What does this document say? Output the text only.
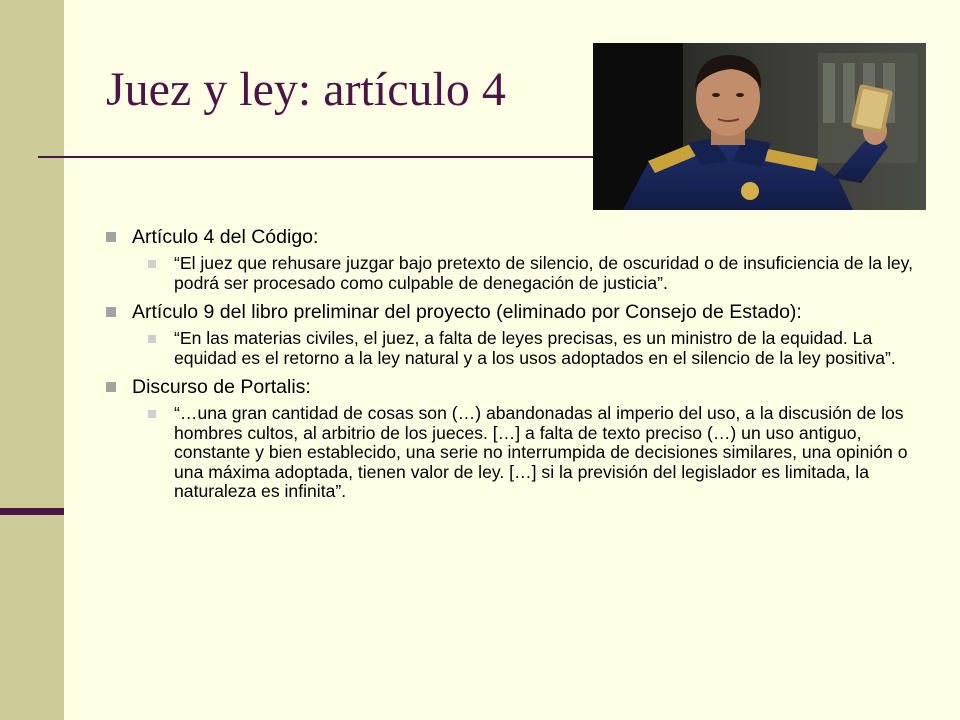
Juez y ley: artículo 4
Artículo 4 del Código:
“El juez que rehusare juzgar bajo pretexto de silencio, de oscuridad o de insuficiencia de la ley, podrá ser procesado como culpable de denegación de justicia”.
Artículo 9 del libro preliminar del proyecto (eliminado por Consejo de Estado):
“En las materias civiles, el juez, a falta de leyes precisas, es un ministro de la equidad. La equidad es el retorno a la ley natural y a los usos adoptados en el silencio de la ley positiva”.
Discurso de Portalis:
“…una gran cantidad de cosas son (…) abandonadas al imperio del uso, a la discusión de los hombres cultos, al arbitrio de los jueces. […] a falta de texto preciso (…) un uso antiguo, constante y bien establecido, una serie no interrumpida de decisiones similares, una opinión o una máxima adoptada, tienen valor de ley. […] si la previsión del legislador es limitada, la naturaleza es infinita”.
